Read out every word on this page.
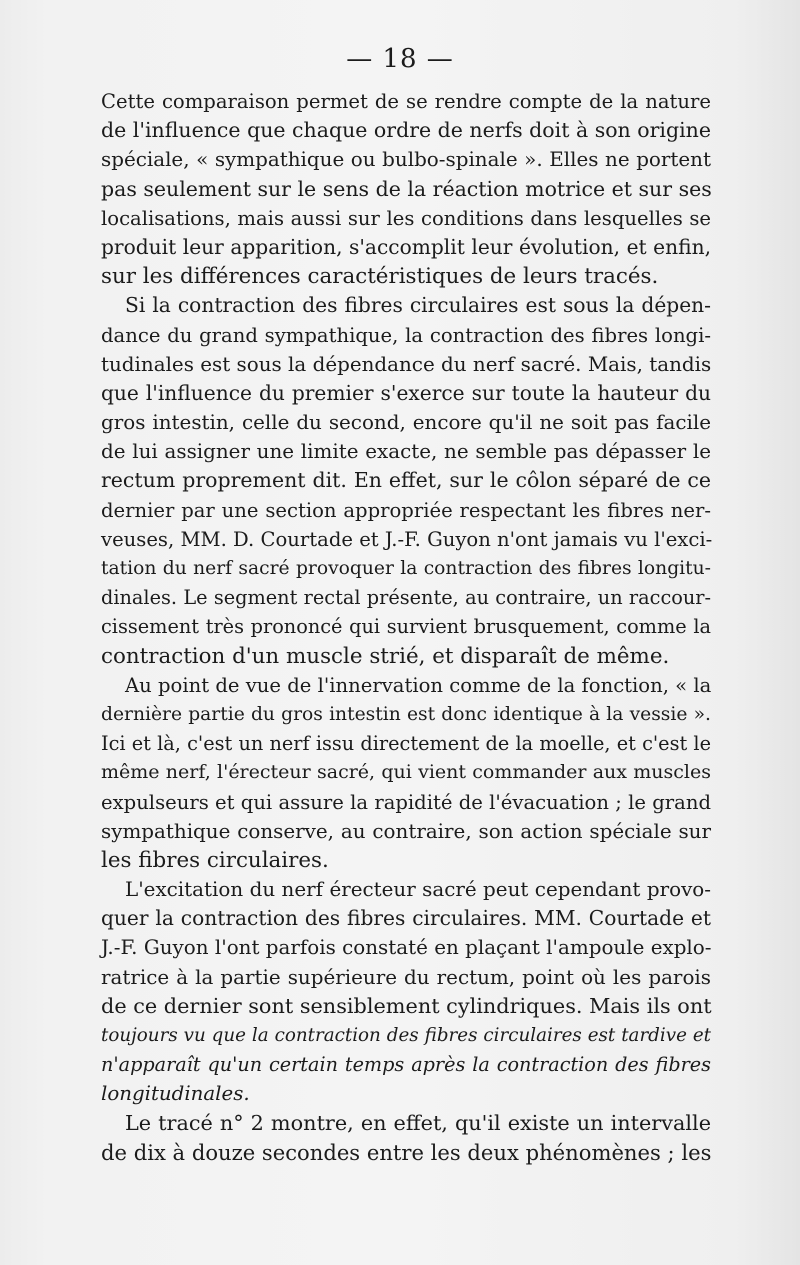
— 18 —
Cette comparaison permet de se rendre compte de la nature
de l'influence que chaque ordre de nerfs doit à son origine
spéciale, « sympathique ou bulbo-spinale ». Elles ne portent
pas seulement sur le sens de la réaction motrice et sur ses
localisations, mais aussi sur les conditions dans lesquelles se
produit leur apparition, s'accomplit leur évolution, et enfin,
sur les différences caractéristiques de leurs tracés.
Si la contraction des fibres circulaires est sous la dépen-
dance du grand sympathique, la contraction des fibres longi-
tudinales est sous la dépendance du nerf sacré. Mais, tandis
que l'influence du premier s'exerce sur toute la hauteur du
gros intestin, celle du second, encore qu'il ne soit pas facile
de lui assigner une limite exacte, ne semble pas dépasser le
rectum proprement dit. En effet, sur le côlon séparé de ce
dernier par une section appropriée respectant les fibres ner-
veuses, MM. D. Courtade et J.-F. Guyon n'ont jamais vu l'exci-
tation du nerf sacré provoquer la contraction des fibres longitu-
dinales. Le segment rectal présente, au contraire, un raccour-
cissement très prononcé qui survient brusquement, comme la
contraction d'un muscle strié, et disparaît de même.
Au point de vue de l'innervation comme de la fonction, « la
dernière partie du gros intestin est donc identique à la vessie ».
Ici et là, c'est un nerf issu directement de la moelle, et c'est le
même nerf, l'érecteur sacré, qui vient commander aux muscles
expulseurs et qui assure la rapidité de l'évacuation ; le grand
sympathique conserve, au contraire, son action spéciale sur
les fibres circulaires.
L'excitation du nerf érecteur sacré peut cependant provo-
quer la contraction des fibres circulaires. MM. Courtade et
J.-F. Guyon l'ont parfois constaté en plaçant l'ampoule explo-
ratrice à la partie supérieure du rectum, point où les parois
de ce dernier sont sensiblement cylindriques. Mais ils ont
toujours vu que la contraction des fibres circulaires est tardive et
n'apparaît qu'un certain temps après la contraction des fibres
longitudinales.
Le tracé n° 2 montre, en effet, qu'il existe un intervalle
de dix à douze secondes entre les deux phénomènes ; les
